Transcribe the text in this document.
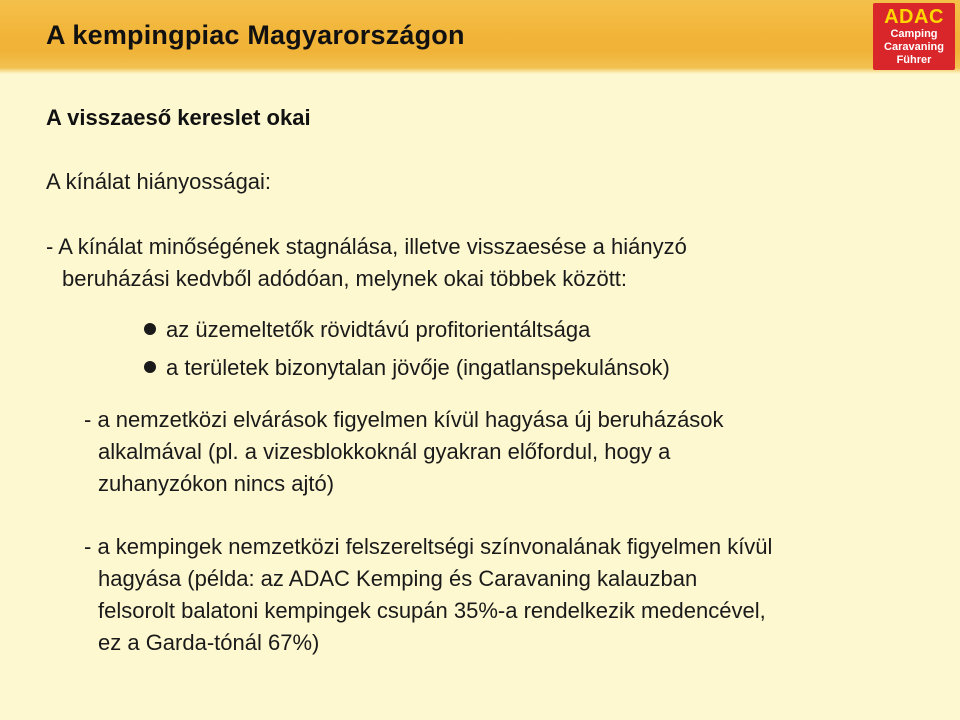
A kempingpiac Magyarországon
ADAC
Camping
Caravaning
Führer
A visszaeső kereslet okai
A kínálat hiányosságai:
- A kínálat minőségének stagnálása, illetve visszaesése a hiányzó
beruházási kedvből adódóan, melynek okai többek között:
az üzemeltetők rövidtávú profitorientáltsága
a területek bizonytalan jövője (ingatlanspekulánsok)
- a nemzetközi elvárások figyelmen kívül hagyása új beruházások
alkalmával (pl. a vizesblokkoknál gyakran előfordul, hogy a
zuhanyzókon nincs ajtó)
- a kempingek nemzetközi felszereltségi színvonalának figyelmen kívül
hagyása (példa: az ADAC Kemping és Caravaning kalauzban
felsorolt balatoni kempingek csupán 35%-a rendelkezik medencével,
ez a Garda-tónál 67%)
